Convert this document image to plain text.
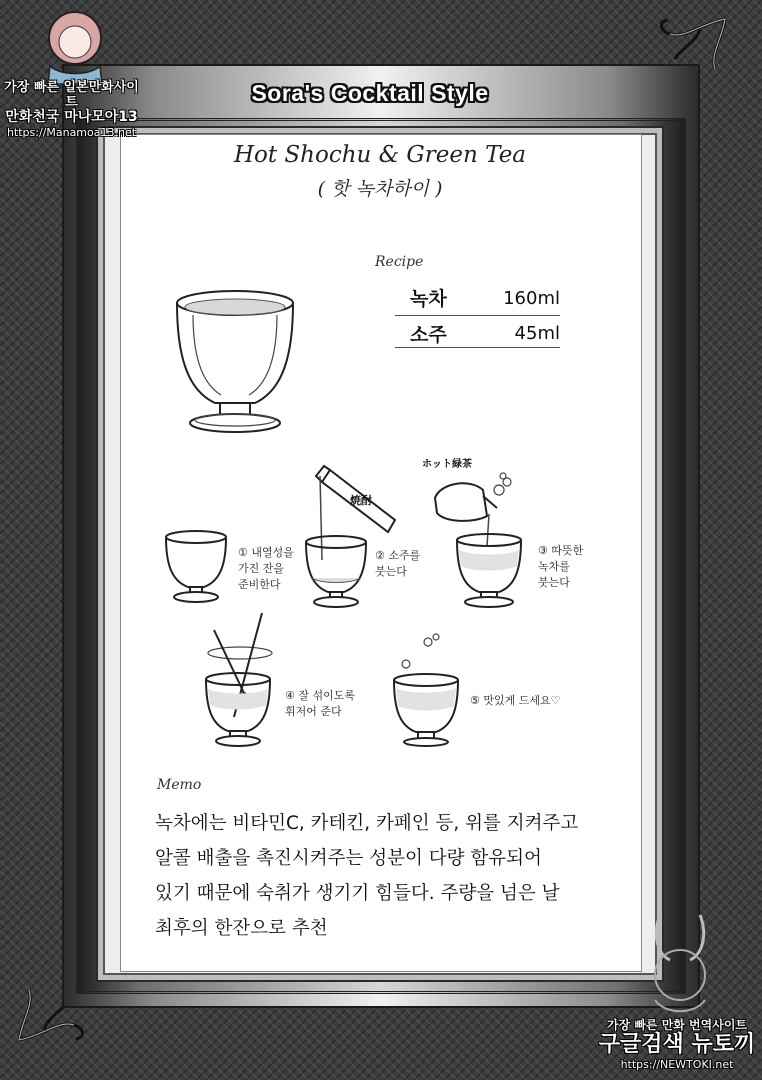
Sora's Cocktail Style
Hot Shochu & Green Tea
( 핫 녹차하이 )
Recipe
녹차	160ml
소주	45ml
焼酎
ホット緑茶
① 내열성을
가진 잔을
준비한다
② 소주를
붓는다
③ 따뜻한
녹차를
붓는다
④ 잘 섞이도록
휘저어 준다
⑤ 맛있게 드세요♡
Memo
녹차에는 비타민C, 카테킨, 카페인 등, 위를 지켜주고
알콜 배출을 촉진시켜주는 성분이 다량 함유되어
있기 때문에 숙취가 생기기 힘들다. 주량을 넘은 날
최후의 한잔으로 추천
가장 빠른 일본만화사이트
만화천국 마나모아13
https://Manamoa13.net
가장 빠른 만화 번역사이트
구글검색 뉴토끼
https://NEWTOKI.net
